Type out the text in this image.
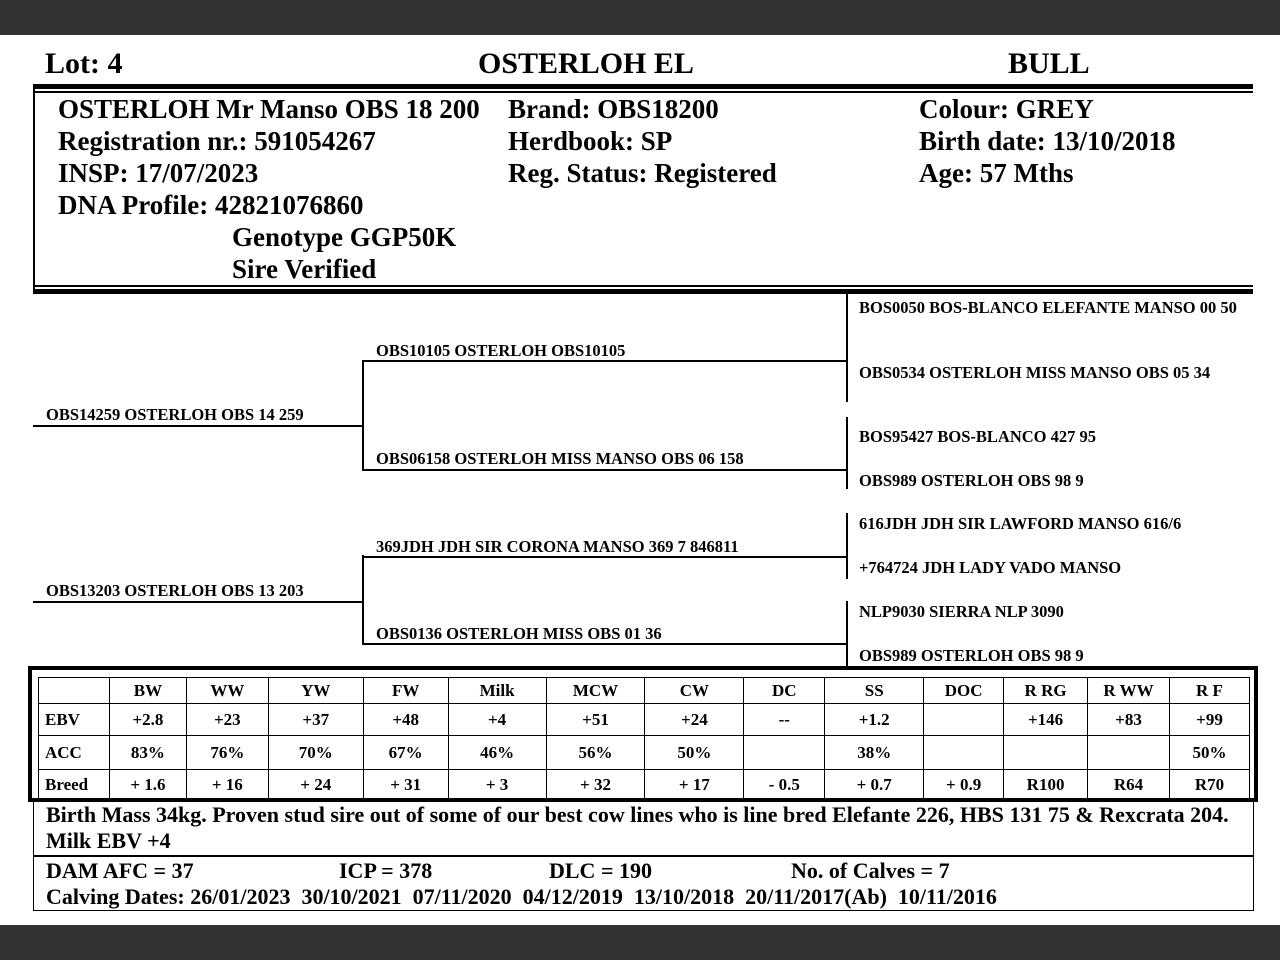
Lot: 4	OSTERLOH EL	BULL
OSTERLOH Mr Manso OBS 18 200
Registration nr.: 591054267
INSP: 17/07/2023
DNA Profile: 42821076860
Genotype GGP50K
Sire Verified
Brand: OBS18200
Herdbook: SP
Reg. Status: Registered
Colour: GREY
Birth date: 13/10/2018
Age: 57 Mths
OBS14259 OSTERLOH OBS 14 259
OBS13203 OSTERLOH OBS 13 203
OBS10105 OSTERLOH OBS10105
OBS06158 OSTERLOH MISS MANSO OBS 06 158
369JDH JDH SIR CORONA MANSO 369 7 846811
OBS0136 OSTERLOH MISS OBS 01 36
BOS0050 BOS-BLANCO ELEFANTE MANSO 00 50
OBS0534 OSTERLOH MISS MANSO OBS 05 34
BOS95427 BOS-BLANCO 427 95
OBS989 OSTERLOH OBS 98 9
616JDH JDH SIR LAWFORD MANSO 616/6
+764724 JDH LADY VADO MANSO
NLP9030 SIERRA NLP 3090
OBS989 OSTERLOH OBS 98 9
	BW	WW	YW	FW	Milk	MCW	CW	DC	SS	DOC	R RG	R WW	R F
EBV	+2.8	+23	+37	+48	+4	+51	+24	--	+1.2		+146	+83	+99
ACC	83%	76%	70%	67%	46%	56%	50%		38%				50%
Breed	+ 1.6	+ 16	+ 24	+ 31	+ 3	+ 32	+ 17	- 0.5	+ 0.7	+ 0.9	R100	R64	R70
Birth Mass 34kg. Proven stud sire out of some of our best cow lines who is line bred Elefante 226, HBS 131 75 & Rexcrata 204. Milk EBV +4
DAM AFC = 37	ICP = 378	DLC = 190	No. of Calves = 7
Calving Dates: 26/01/2023  30/10/2021  07/11/2020  04/12/2019  13/10/2018  20/11/2017(Ab)  10/11/2016
